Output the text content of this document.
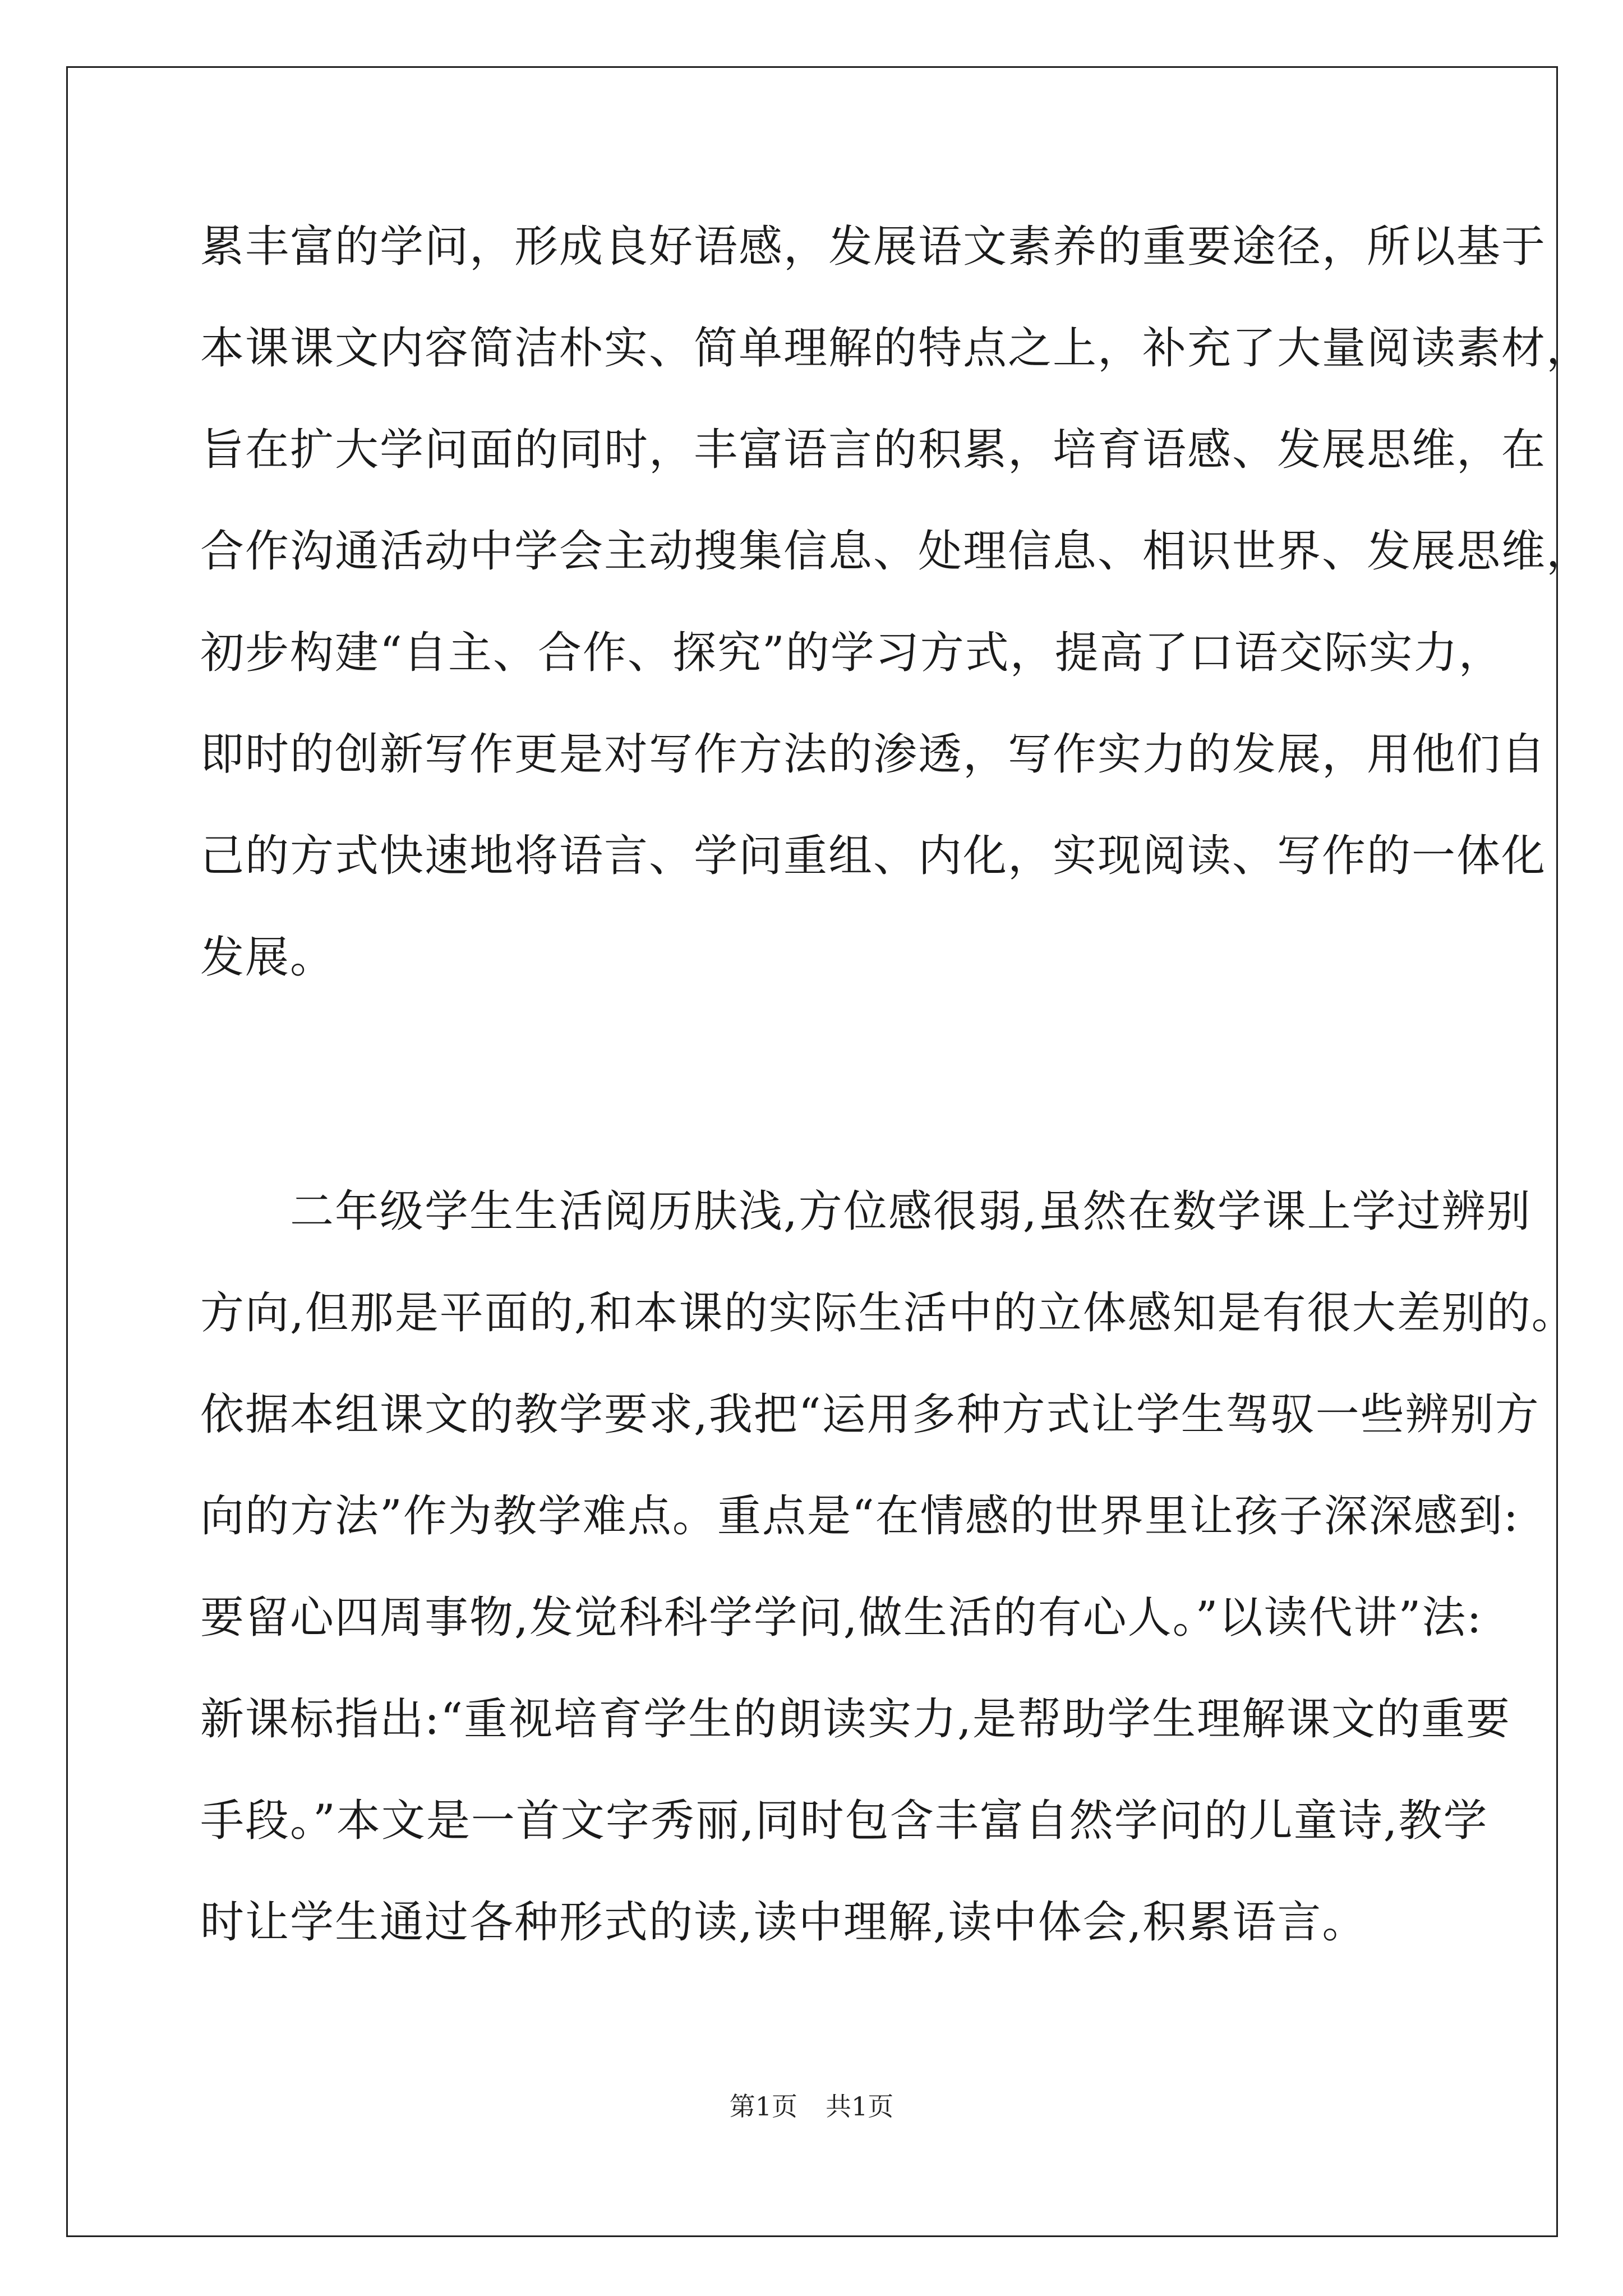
累丰富的学问，形成良好语感，发展语文素养的重要途径，所以基于
本课课文内容简洁朴实、简单理解的特点之上，补充了大量阅读素材，
旨在扩大学问面的同时，丰富语言的积累，培育语感、发展思维，在
合作沟通活动中学会主动搜集信息、处理信息、相识世界、发展思维，
初步构建“自主、合作、探究”的学习方式，提高了口语交际实力，
即时的创新写作更是对写作方法的渗透，写作实力的发展，用他们自
己的方式快速地将语言、学问重组、内化，实现阅读、写作的一体化
发展。
　　二年级学生生活阅历肤浅,方位感很弱,虽然在数学课上学过辨别
方向,但那是平面的,和本课的实际生活中的立体感知是有很大差别的。
依据本组课文的教学要求,我把“运用多种方式让学生驾驭一些辨别方
向的方法”作为教学难点。重点是“在情感的世界里让孩子深深感到:
要留心四周事物,发觉科科学学问,做生活的有心人。”以读代讲”法:
新课标指出:“重视培育学生的朗读实力,是帮助学生理解课文的重要
手段。”本文是一首文字秀丽,同时包含丰富自然学问的儿童诗,教学
时让学生通过各种形式的读,读中理解,读中体会,积累语言。
第1页 共1页
